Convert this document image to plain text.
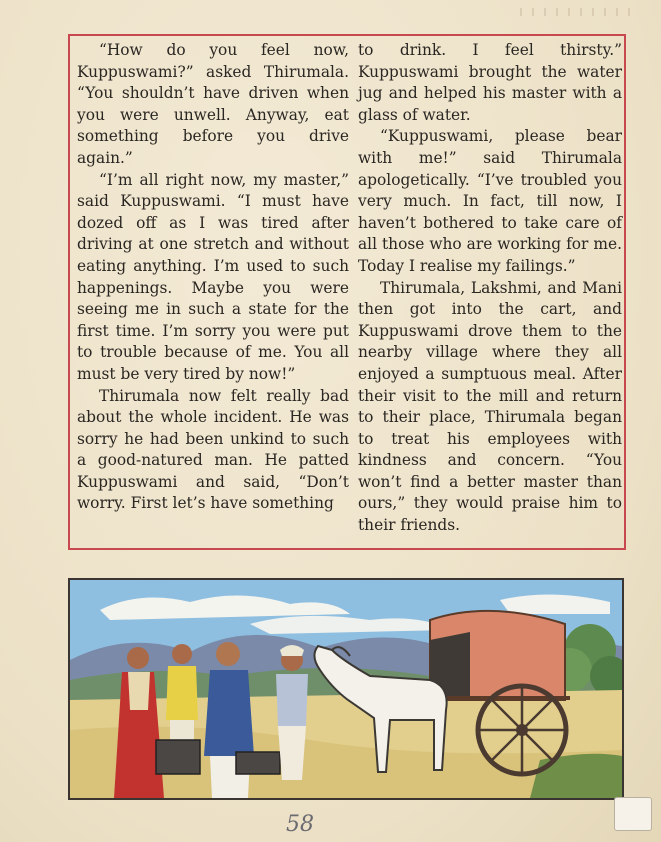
“How do you feel now, Kuppuswami?” asked Thirumala. “You shouldn’t have driven when you were unwell. Anyway, eat something before you drive again.”

“I’m all right now, my master,” said Kuppuswami. “I must have dozed off as I was tired after driving at one stretch and without eating anything. I’m used to such happenings. Maybe you were seeing me in such a state for the first time. I’m sorry you were put to trouble because of me. You all must be very tired by now!”

Thirumala now felt really bad about the whole incident. He was sorry he had been unkind to such a good-natured man. He patted Kuppuswami and said, “Don’t worry. First let’s have something

to drink. I feel thirsty.” Kuppuswami brought the water jug and helped his master with a glass of water.

“Kuppuswami, please bear with me!” said Thirumala apologetically. “I’ve troubled you very much. In fact, till now, I haven’t bothered to take care of all those who are working for me. Today I realise my failings.”

Thirumala, Lakshmi, and Mani then got into the cart, and Kuppuswami drove them to the nearby village where they all enjoyed a sumptuous meal. After their visit to the mill and return to their place, Thirumala began to treat his employees with kindness and concern. “You won’t find a better master than ours,” they would praise him to their friends.

58
